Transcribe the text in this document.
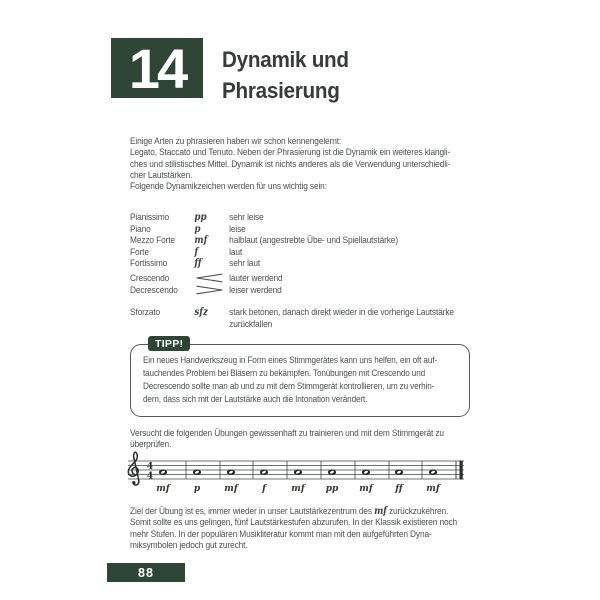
14 Dynamik und
Phrasierung
Einige Arten zu phrasieren haben wir schon kennengelernt:
Legato, Staccato und Tenuto. Neben der Phrasierung ist die Dynamik ein weiteres klangli-
ches und stilistisches Mittel. Dynamik ist nichts anderes als die Verwendung unterschiedli-
cher Lautstärken.
Folgende Dynamikzeichen werden für uns wichtig sein:
Pianissimo	pp sehr leise
Piano	p	leise
Mezzo Forte mf halblaut (angestrebte Übe- und Spiellautstärke)
Forte	f	laut
Fortissimo	ff	sehr laut
Crescendo	lauter werdend
Decrescendo	leiser werdend
Sforzato	sfz stark betonen, danach direkt wieder in die vorherige Lautstärke
zurückfallen
TIPP!
Ein neues Handwerkszeug in Form eines Stimmgerätes kann uns helfen, ein oft auf-
tauchendes Problem bei Bläsern zu bekämpfen. Tonübungen mit Crescendo und
Decrescendo sollte man ab und zu mit dem Stimmgerät kontrollieren, um zu verhin-
dern, dass sich mit der Lautstärke auch die Intonation verändert.
Versucht die folgenden Übungen gewissenhaft zu trainieren und mit dem Stimmgerät zu
überprüfen.
4
4
mf	p	mf	f	mf pp mf	ff	mf
Ziel der Übung ist es, immer wieder in unser Lautstärkezentrum des mf zurückzukehren.
Somit sollte es uns gelingen, fünf Lautstärkestufen abzurufen. In der Klassik existieren noch
mehr Stufen. In der populären Musikliteratur kommt man mit den aufgeführten Dyna-
miksymbolen jedoch gut zurecht.
88
